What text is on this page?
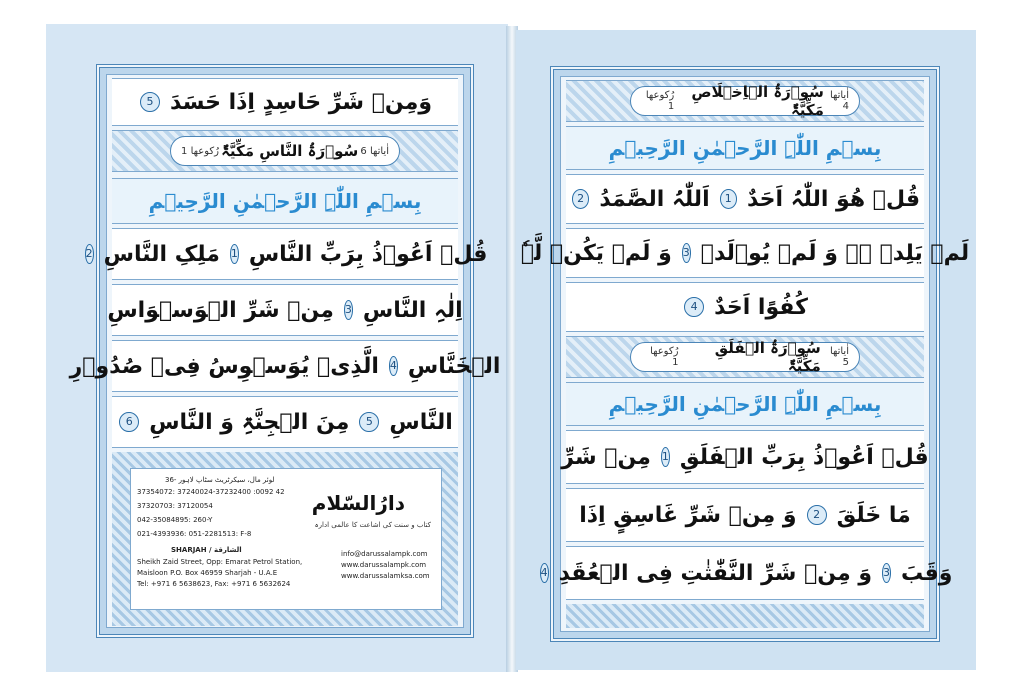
وَمِنۡ شَرِّ حَاسِدٍ اِذَا حَسَدَ
5
اٰیاتھا 6
سُوۡرَۃُ النَّاسِ مَکِّیَّۃٌ
رُکوعھا 1
بِسۡمِ اللّٰہِ الرَّحۡمٰنِ الرَّحِیۡمِ
قُلۡ اَعُوۡذُ بِرَبِّ النَّاسِ
1
مَلِکِ النَّاسِ
2
اِلٰہِ النَّاسِ
3
مِنۡ شَرِّ الۡوَسۡوَاسِ
الۡخَنَّاسِ
4
الَّذِیۡ یُوَسۡوِسُ فِیۡ صُدُوۡرِ
النَّاسِ
5
مِنَ الۡجِنَّۃِ وَ النَّاسِ
6
دارُالسّلام
کتاب و سنت کی اشاعت کا عالمی ادارہ
info@darussalampk.com
www.darussalampk.com
www.darussalamksa.com
36- لوئر مال، سیکرٹریٹ سٹاپ لاہور
37354072: 37240024-37232400 :0092 42
37320703: 37120054
042-35084895: 260-Y
021-4393936: 051-2281513: F-8
SHARJAH / الشارقة
Sheikh Zaid Street, Opp: Emarat Petrol Station,
Maisloon P.O. Box 46959 Sharjah - U.A.E
Tel: +971 6 5638623, Fax: +971 6 5632624
اٰیاتھا 4
سُوۡرَۃُ الۡاِخۡلَاصِ مَکِّیَّۃٌ
رُکوعھا 1
بِسۡمِ اللّٰہِ الرَّحۡمٰنِ الرَّحِیۡمِ
قُلۡ ھُوَ اللّٰہُ اَحَدٌ
1
اَللّٰہُ الصَّمَدُ
2
لَمۡ یَلِدۡ ۬ۙ وَ لَمۡ یُوۡلَدۡ
3
وَ لَمۡ یَکُنۡ لَّہٗ
کُفُوًا اَحَدٌ
4
اٰیاتھا 5
سُوۡرَۃُ الۡفَلَقِ مَکِّیَّۃٌ
رُکوعھا 1
بِسۡمِ اللّٰہِ الرَّحۡمٰنِ الرَّحِیۡمِ
قُلۡ اَعُوۡذُ بِرَبِّ الۡفَلَقِ
1
مِنۡ شَرِّ
مَا خَلَقَ
2
وَ مِنۡ شَرِّ غَاسِقٍ اِذَا
وَقَبَ
3
وَ مِنۡ شَرِّ النَّفّٰثٰتِ فِی الۡعُقَدِ
4
